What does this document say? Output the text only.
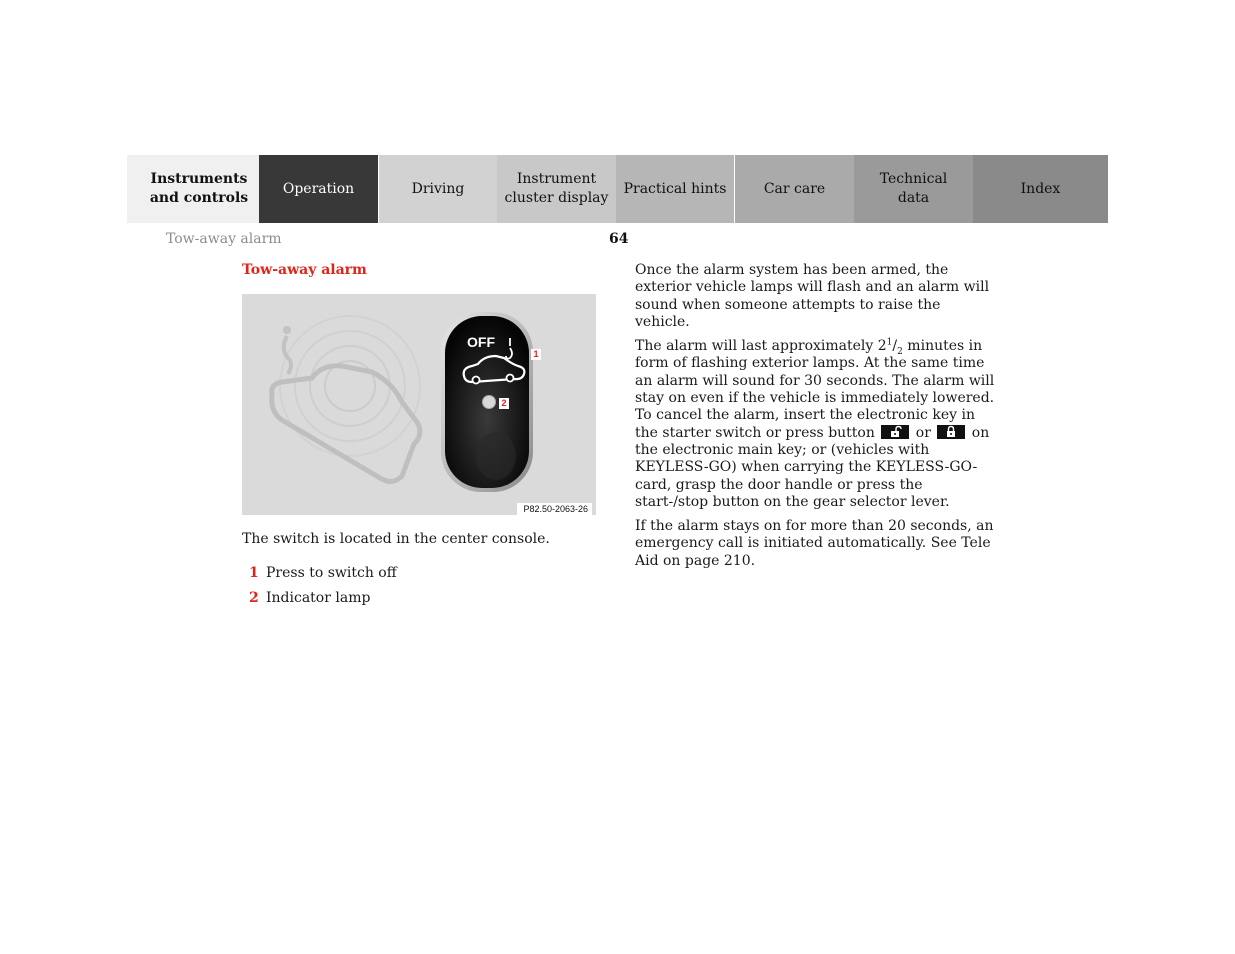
Instruments
and controls
Operation	Driving
Instrument
cluster display
Practical hints	Car care
Technical
data
Index
Tow-away alarm	64
Tow-away alarm
OFF
1
2
P82.50-2063-26
The switch is located in the center console.
1 Press to switch off
2 Indicator lamp

Once the alarm system has been armed, the exterior vehicle lamps will flash and an alarm will sound when someone attempts to raise the vehicle.

The alarm will last approximately $2^1/_2$ minutes in form of flashing exterior lamps. At the same time an alarm will sound for 30 seconds. The alarm will stay on even if the vehicle is immediately lowered. To cancel the alarm, insert the electronic key in the starter switch or press button
or
on the electronic main key; or (vehicles with KEYLESS-GO) when carrying the KEYLESS-GO-card, grasp the door handle or press the start-/stop button on the gear selector lever.

If the alarm stays on for more than 20 seconds, an emergency call is initiated automatically. See Tele Aid on page 210.
